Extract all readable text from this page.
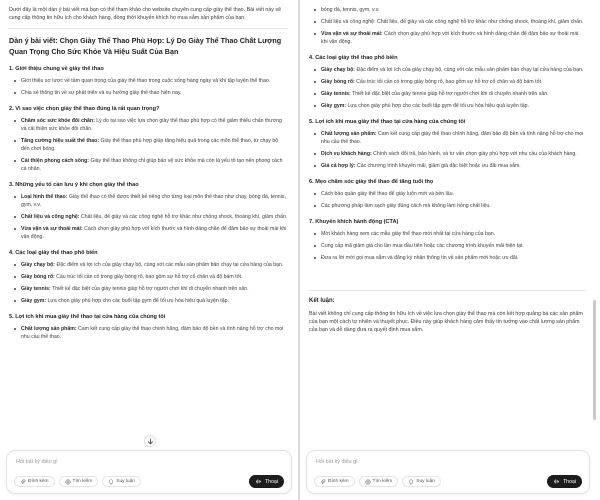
Dưới đây là một dàn ý bài viết mà bạn có thể tham khảo cho website chuyên cung cấp giày thể thao. Bài viết này sẽ cung cấp thông tin hữu ích cho khách hàng, đồng thời khuyến khích họ mua sắm sản phẩm của bạn.

Dàn ý bài viết: Chọn Giày Thể Thao Phù Hợp: Lý Do Giày Thể Thao Chất Lượng Quan Trọng Cho Sức Khỏe Và Hiệu Suất Của Bạn
1. Giới thiệu chung về giày thể thao
Giới thiệu sơ lược về tầm quan trọng của giày thể thao trong cuộc sống hàng ngày và khi tập luyện thể thao.
Chia sẻ thông tin về sự phát triển và xu hướng giày thể thao hiện nay.
2. Vì sao việc chọn giày thể thao đúng là rất quan trọng?
Chăm sóc sức khỏe đôi chân: Lý do tại sao việc lựa chọn giày thể thao phù hợp có thể giảm thiểu chấn thương và cải thiện sức khỏe đôi chân.
Tăng cường hiệu suất thể thao: Giày thể thao phù hợp giúp tăng hiệu quả trong các môn thể thao, từ chạy bộ đến chơi bóng.
Cải thiện phong cách sống: Giày thể thao không chỉ giúp bảo vệ sức khỏe mà còn là yếu tố tạo nên phong cách cá nhân.
3. Những yếu tố cần lưu ý khi chọn giày thể thao
Loại hình thể thao: Giày thể thao có thể được thiết kế riêng cho từng loại môn thể thao như chạy, bóng đá, tennis, gym, v.v.
Chất liệu và công nghệ: Chất liệu, đế giày và các công nghệ hỗ trợ khác như chống shock, thoáng khí, giảm chấn.
Vừa vặn và sự thoải mái: Cách chọn giày phù hợp với kích thước và hình dáng chân để đảm bảo sự thoải mái khi vận động.
4. Các loại giày thể thao phổ biến
Giày chạy bộ: Đặc điểm và lợi ích của giày chạy bộ, cùng với các mẫu sản phẩm bán chạy tại cửa hàng của bạn.
Giày bóng rổ: Cấu trúc tối cần có trong giày bóng rổ, bao gồm sự hỗ trợ cổ chân và độ bám tốt.
Giày tennis: Thiết kế đặc biệt của giày tennis giúp hỗ trợ người chơi khi di chuyển nhanh trên sân.
Giày gym: Lựa chọn giày phù hợp cho các buổi tập gym để tối ưu hóa hiệu quả luyện tập.
5. Lợi ích khi mua giày thể thao tại cửa hàng của chúng tôi
Chất lượng sản phẩm: Cam kết cung cấp giày thể thao chính hãng, đảm bảo độ bền và tính năng hỗ trợ cho mọi nhu cầu thể thao.
Hỏi bất kỳ điều gì
Đính kèm	Tìm kiếm	Suy luận	Thoại
bóng đá, tennis, gym, v.v.
Chất liệu và công nghệ: Chất liệu, đế giày và các công nghệ hỗ trợ khác như chống shock, thoáng khí, giảm chấn.
Vừa vặn và sự thoải mái: Cách chọn giày phù hợp với kích thước và hình dáng chân để đảm bảo sự thoải mái khi vận động.
4. Các loại giày thể thao phổ biến
Giày chạy bộ: Đặc điểm và lợi ích của giày chạy bộ, cùng với các mẫu sản phẩm bán chạy tại cửa hàng của bạn.
Giày bóng rổ: Cấu trúc tối cần có trong giày bóng rổ, bao gồm sự hỗ trợ cổ chân và độ bám tốt.
Giày tennis: Thiết kế đặc biệt của giày tennis giúp hỗ trợ người chơi khi di chuyển nhanh trên sân.
Giày gym: Lựa chọn giày phù hợp cho các buổi tập gym để tối ưu hóa hiệu quả luyện tập.
5. Lợi ích khi mua giày thể thao tại cửa hàng của chúng tôi
Chất lượng sản phẩm: Cam kết cung cấp giày thể thao chính hãng, đảm bảo độ bền và tính năng hỗ trợ cho mọi nhu cầu thể thao.
Dịch vụ khách hàng: Chính sách đổi trả, bảo hành, và tư vấn chọn giày phù hợp với nhu cầu của khách hàng.
Giá cả hợp lý: Các chương trình khuyến mãi, giảm giá đặc biệt hoặc ưu đãi mua sắm.
6. Mẹo chăm sóc giày thể thao để tăng tuổi thọ
Cách bảo quản giày thể thao để giày luôn mới và bền lâu.
Các phương pháp làm sạch giày đúng cách mà không làm hỏng chất liệu.
7. Khuyến khích hành động (CTA)
Mời khách hàng xem các mẫu giày thể thao mới nhất tại cửa hàng của bạn.
Cung cấp mã giảm giá cho lần mua đầu tiên hoặc các chương trình khuyến mãi hiện tại.
Đưa ra lời mời gọi mua sắm và đăng ký nhận thông tin về sản phẩm mới hoặc ưu đãi.
Kết luận:

Bài viết không chỉ cung cấp thông tin hữu ích về việc lựa chọn giày thể thao mà còn kết hợp quảng bá các sản phẩm của bạn một cách tự nhiên và thuyết phục. Điều này giúp khách hàng cảm thấy tin tưởng vào chất lượng sản phẩm của bạn và dễ dàng đưa ra quyết định mua sắm.

Hỏi bất kỳ điều gì
Đính kèm	Tìm kiếm	Suy luận	Thoại
